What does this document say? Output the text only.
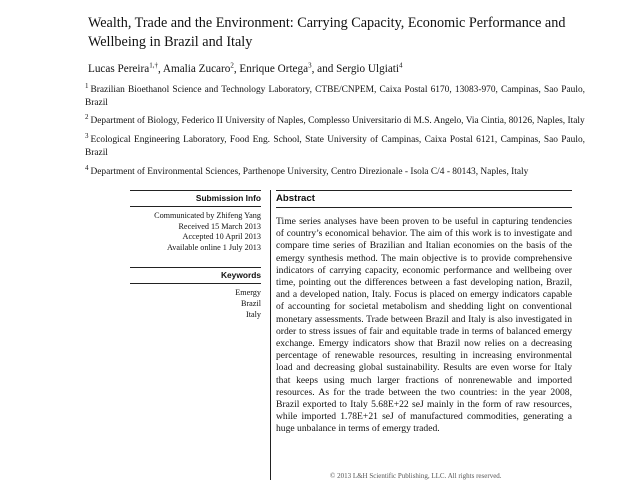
Wealth, Trade and the Environment: Carrying Capacity, Economic Performance and Wellbeing in Brazil and Italy
Lucas Pereira$^{1,\dagger}$, Amalia Zucaro$^2$, Enrique Ortega$^3$, and Sergio Ulgiati$^4$
$^1$ Brazilian Bioethanol Science and Technology Laboratory, CTBE/CNPEM, Caixa Postal 6170, 13083-970, Campinas, Sao Paulo, Brazil
$^2$ Department of Biology, Federico II University of Naples, Complesso Universitario di M.S. Angelo, Via Cintia, 80126, Naples, Italy
$^3$ Ecological Engineering Laboratory, Food Eng. School, State University of Campinas, Caixa Postal 6121, Campinas, Sao Paulo, Brazil
$^4$ Department of Environmental Sciences, Parthenope University, Centro Direzionale - Isola C/4 - 80143, Naples, Italy
Submission Info
Communicated by Zhifeng Yang
Received 15 March 2013
Accepted 10 April 2013
Available online 1 July 2013
Keywords
Emergy
Brazil
Italy
Abstract
Time series analyses have been proven to be useful in capturing tendencies of country’s economical behavior. The aim of this work is to investigate and compare time series of Brazilian and Italian economies on the basis of the emergy synthesis method. The main objective is to provide comprehensive indicators of carrying capacity, economic performance and wellbeing over time, pointing out the differences between a fast developing nation, Brazil, and a developed nation, Italy. Focus is placed on emergy indicators capable of accounting for societal metabolism and shedding light on conventional monetary assessments. Trade between Brazil and Italy is also investigated in order to stress issues of fair and equitable trade in terms of balanced emergy exchange. Emergy indicators show that Brazil now relies on a decreasing percentage of renewable resources, resulting in increasing environmental load and decreasing global sustainability. Results are even worse for Italy that keeps using much larger fractions of nonrenewable and imported resources. As for the trade between the two countries: in the year 2008, Brazil exported to Italy 5.68E+22 seJ mainly in the form of raw resources, while imported 1.78E+21 seJ of manufactured commodities, generating a huge unbalance in terms of emergy traded.
© 2013 L&H Scientific Publishing, LLC. All rights reserved.
